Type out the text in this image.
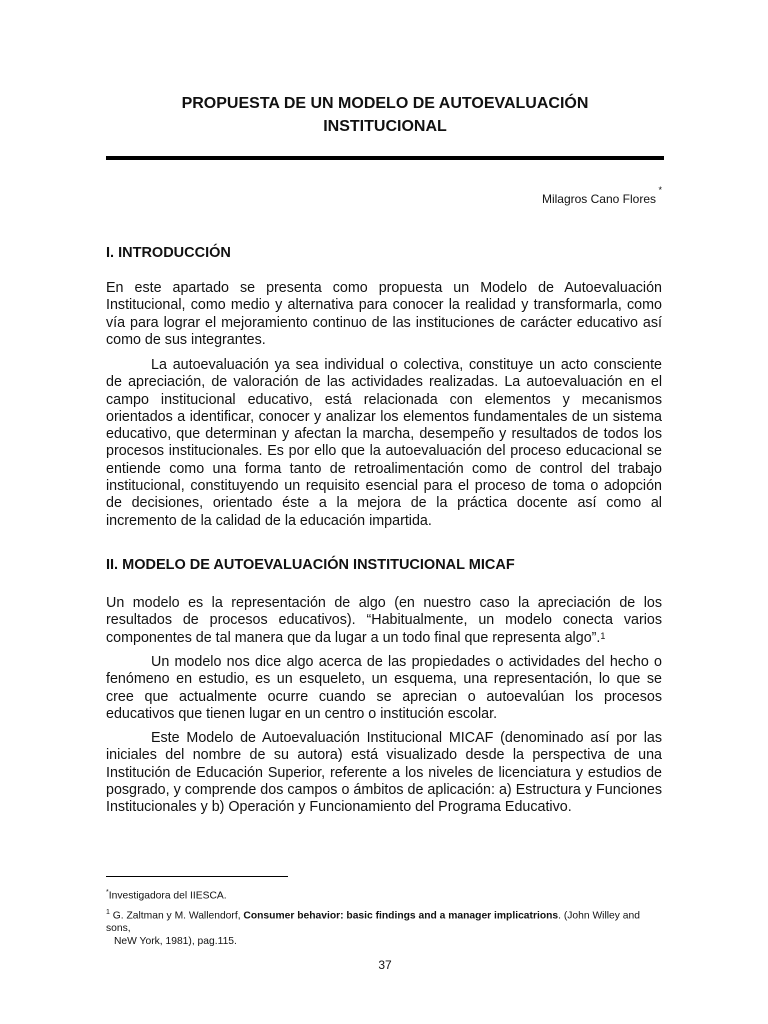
PROPUESTA DE UN MODELO DE AUTOEVALUACIÓN
INSTITUCIONAL
Milagros Cano Flores
*
I. INTRODUCCIÓN

En este apartado se presenta como propuesta un Modelo de Autoevaluación Institucional, como medio y alternativa para conocer la realidad y transformarla, como vía para lograr el mejoramiento continuo de las instituciones de carácter educativo así como de sus integrantes.

La autoevaluación ya sea individual o colectiva, constituye un acto consciente de apreciación, de valoración de las actividades realizadas. La autoevaluación en el campo institucional educativo, está relacionada con elementos y mecanismos orientados a identificar, conocer y analizar los elementos fundamentales de un sistema educativo, que determinan y afectan la marcha, desempeño y resultados de todos los procesos institucionales. Es por ello que la autoevaluación del proceso educacional se entiende como una forma tanto de retroalimentación como de control del trabajo institucional, constituyendo un requisito esencial para el proceso de toma o adopción de decisiones, orientado éste a la mejora de la práctica docente así como al incremento de la calidad de la educación impartida.

II. MODELO DE AUTOEVALUACIÓN INSTITUCIONAL MICAF

Un modelo es la representación de algo (en nuestro caso la apreciación de los resultados de procesos educativos). “Habitualmente, un modelo conecta varios componentes de tal manera que da lugar a un todo final que representa algo”.$^1$

Un modelo nos dice algo acerca de las propiedades o actividades del hecho o fenómeno en estudio, es un esqueleto, un esquema, una representación, lo que se cree que actualmente ocurre cuando se aprecian o autoevalúan los procesos educativos que tienen lugar en un centro o institución escolar.

Este Modelo de Autoevaluación Institucional MICAF (denominado así por las iniciales del nombre de su autora) está visualizado desde la perspectiva de una Institución de Educación Superior, referente a los niveles de licenciatura y estudios de posgrado, y comprende dos campos o ámbitos de aplicación: a) Estructura y Funciones Institucionales y b) Operación y Funcionamiento del Programa Educativo.

*Investigadora del IIESCA.
$^1$ G. Zaltman y M. Wallendorf, Consumer behavior: basic findings and a manager implicatrions. (John Willey and sons,
NeW York, 1981), pag.115.
37
